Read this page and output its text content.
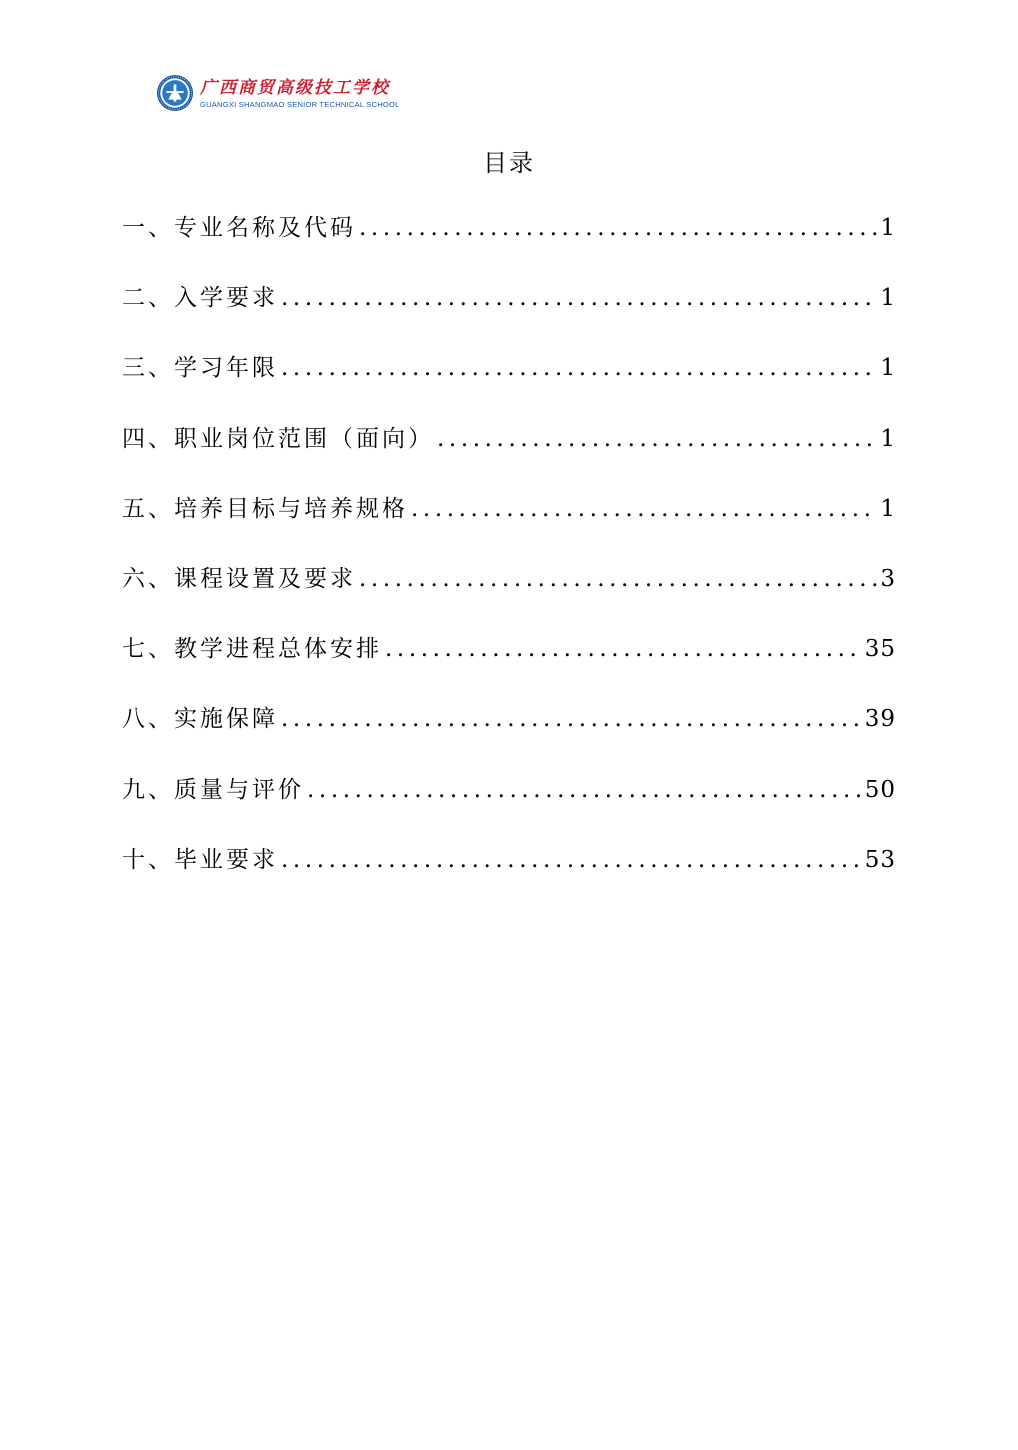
广西商贸高级技工学校
GUANGXI SHANGMAO SENIOR TECHNICAL SCHOOL
目录
一、专业名称及代码 .....	1
二、入学要求 .....	1
三、学习年限 .....	1
四、职业岗位范围（面向） .....	1
五、培养目标与培养规格 .....	1
六、课程设置及要求 .....	3
七、教学进程总体安排 .....	35
八、实施保障 .....	39
九、质量与评价 .....	50
十、毕业要求 .....	53
